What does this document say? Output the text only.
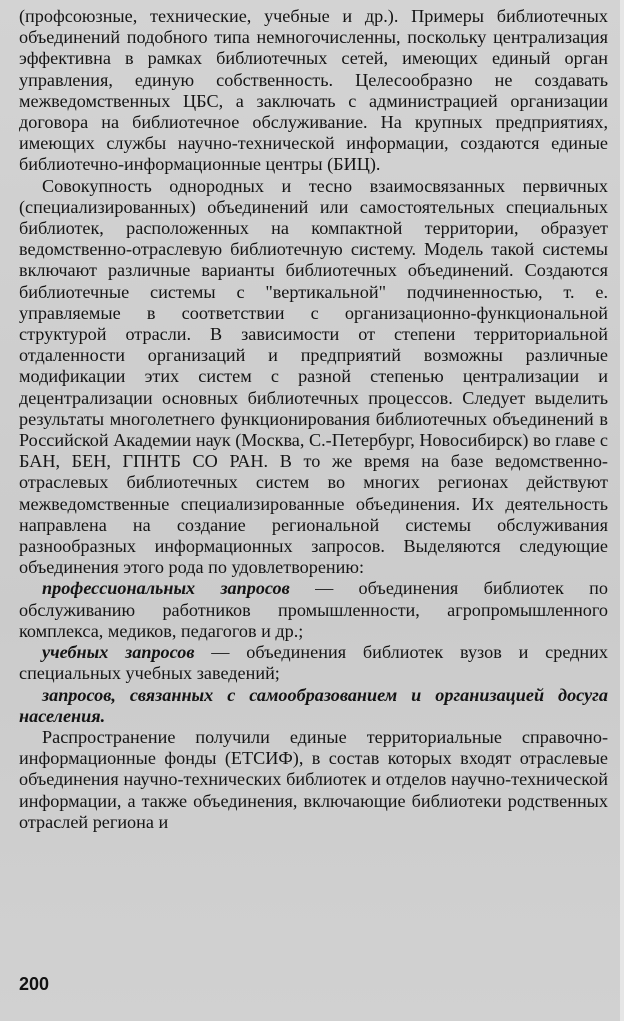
(профсоюзные, технические, учебные и др.). Примеры библиотечных объединений подобного типа немногочисленны, поскольку централизация эффективна в рамках библиотечных сетей, имеющих единый орган управления, единую собственность. Целесообразно не создавать межведомственных ЦБС, а заключать с администрацией организации договора на библиотечное обслуживание. На крупных предприятиях, имеющих службы научно-технической информации, создаются единые библиотечно-информационные центры (БИЦ).

Совокупность однородных и тесно взаимосвязанных первичных (специализированных) объединений или самостоятельных специальных библиотек, расположенных на компактной территории, образует ведомственно-отраслевую библиотечную систему. Модель такой системы включают различные варианты библиотечных объединений. Создаются библиотечные системы с "вертикальной" подчиненностью, т. е. управляемые в соответствии с организационно-функциональной структурой отрасли. В зависимости от степени территориальной отдаленности организаций и предприятий возможны различные модификации этих систем с разной степенью централизации и децентрализации основных библиотечных процессов. Следует выделить результаты многолетнего функционирования библиотечных объединений в Российской Академии наук (Москва, С.-Петербург, Новосибирск) во главе с БАН, БЕН, ГПНТБ СО РАН. В то же время на базе ведомственно-отраслевых библиотечных систем во многих регионах действуют межведомственные специализированные объединения. Их деятельность направлена на создание региональной системы обслуживания разнообразных информационных запросов. Выделяются следующие объединения этого рода по удовлетворению:

профессиональных запросов — объединения библиотек по обслуживанию работников промышленности, агропромышленного комплекса, медиков, педагогов и др.;

учебных запросов — объединения библиотек вузов и средних специальных учебных заведений;

запросов, связанных с самообразованием и организацией досуга населения.

Распространение получили единые территориальные справочно-информационные фонды (ЕТСИФ), в состав которых входят отраслевые объединения научно-технических библиотек и отделов научно-технической информации, а также объединения, включающие библиотеки родственных отраслей региона и

200
